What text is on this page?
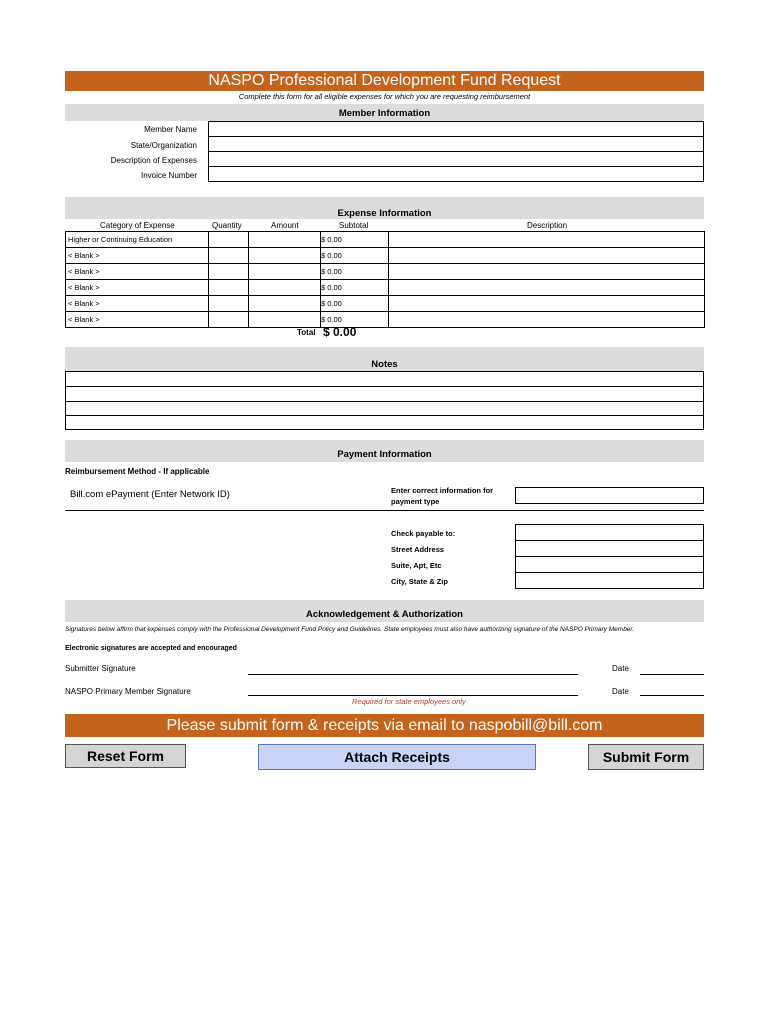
NASPO Professional Development Fund Request
Complete this form for all eligible expenses for which you are requesting reimbursement
Member Information
Member Name
State/Organization
Description of Expenses
Invoice Number

Expense Information
Category of Expense	Quantity	Amount	Subtotal	Description
Higher or Continuing Education			$ 0.00	
< Blank >			$ 0.00	
< Blank >			$ 0.00	
< Blank >			$ 0.00	
< Blank >			$ 0.00	
< Blank >			$ 0.00	
Total $ 0.00
Notes
Payment Information
Reimbursement Method - If applicable
Bill.com ePayment (Enter Network ID)	Enter correct information for payment type
Check payable to:
Street Address
Suite, Apt, Etc
City, State & Zip

Acknowledgement & Authorization
Signatures below affirm that expenses comply with the Professional Development Fund Policy and Guidelines. State employees must also have authorizing signature of the NASPO Primary Member.
Electronic signatures are accepted and encouraged
Submitter Signature	Date
NASPO Primary Member Signature	Date
Required for state employees only
Please submit form & receipts via email to naspobill@bill.com
Reset Form	Attach Receipts	Submit Form
